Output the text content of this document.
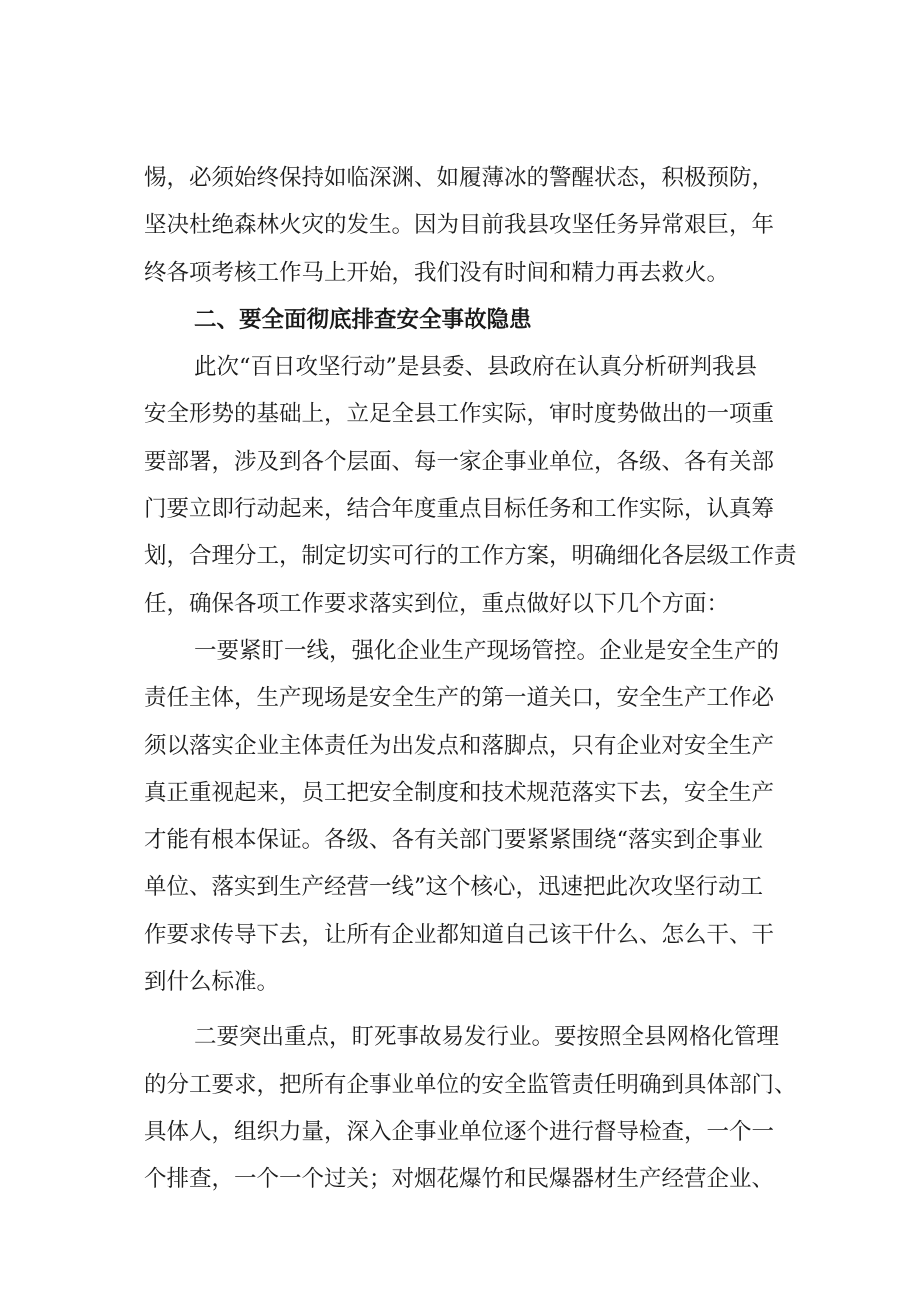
惕，必须始终保持如临深渊、如履薄冰的警醒状态，积极预防，
坚决杜绝森林火灾的发生。因为目前我县攻坚任务异常艰巨，年
终各项考核工作马上开始，我们没有时间和精力再去救火。
二、要全面彻底排查安全事故隐患
此次“百日攻坚行动”是县委、县政府在认真分析研判我县
安全形势的基础上，立足全县工作实际，审时度势做出的一项重
要部署，涉及到各个层面、每一家企事业单位，各级、各有关部
门要立即行动起来，结合年度重点目标任务和工作实际，认真筹
划，合理分工，制定切实可行的工作方案，明确细化各层级工作责
任，确保各项工作要求落实到位，重点做好以下几个方面：
一要紧盯一线，强化企业生产现场管控。企业是安全生产的
责任主体，生产现场是安全生产的第一道关口，安全生产工作必
须以落实企业主体责任为出发点和落脚点，只有企业对安全生产
真正重视起来，员工把安全制度和技术规范落实下去，安全生产
才能有根本保证。各级、各有关部门要紧紧围绕“落实到企事业
单位、落实到生产经营一线”这个核心，迅速把此次攻坚行动工
作要求传导下去，让所有企业都知道自己该干什么、怎么干、干
到什么标准。
二要突出重点，盯死事故易发行业。要按照全县网格化管理
的分工要求，把所有企事业单位的安全监管责任明确到具体部门、
具体人，组织力量，深入企事业单位逐个进行督导检查，一个一
个排查，一个一个过关；对烟花爆竹和民爆器材生产经营企业、
